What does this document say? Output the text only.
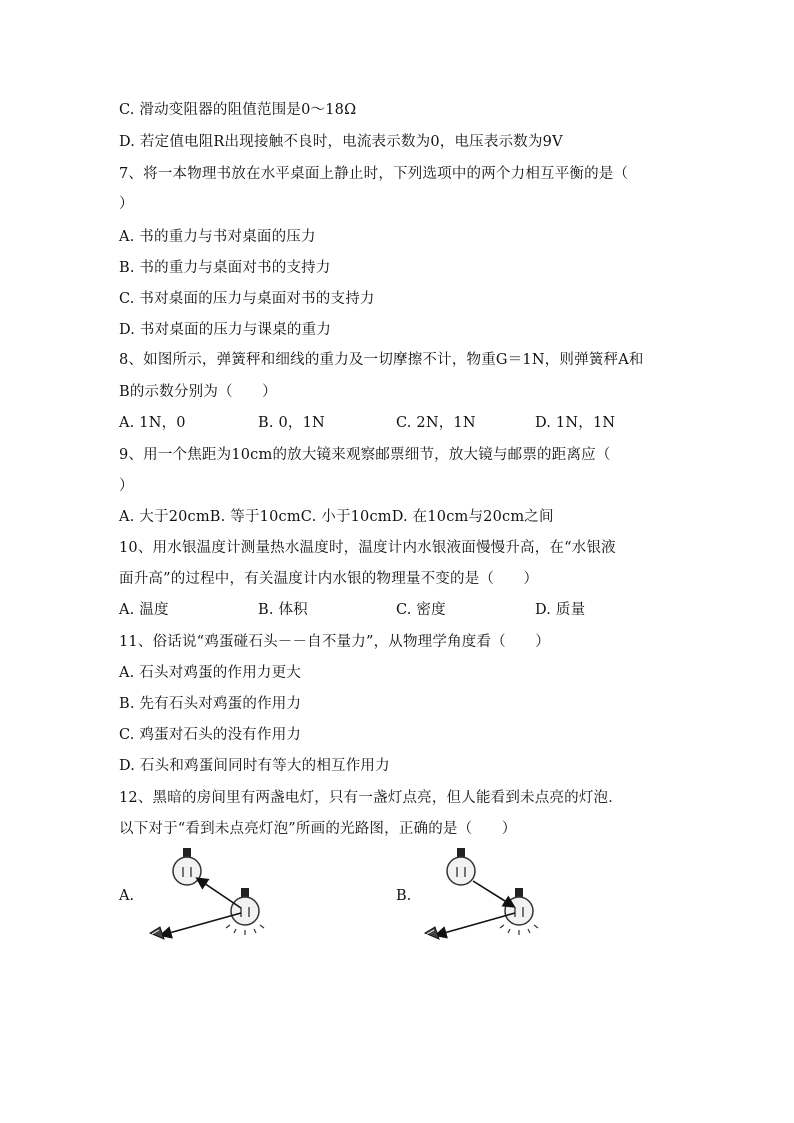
C. 滑动变阻器的阻值范围是0～18Ω
D. 若定值电阻R出现接触不良时，电流表示数为0，电压表示数为9V
7、将一本物理书放在水平桌面上静止时，下列选项中的两个力相互平衡的是（
）
A. 书的重力与书对桌面的压力
B. 书的重力与桌面对书的支持力
C. 书对桌面的压力与桌面对书的支持力
D. 书对桌面的压力与课桌的重力
8、如图所示，弹簧秤和细线的重力及一切摩擦不计，物重G＝1N，则弹簧秤A和
B的示数分别为（　　）
A. 1N，0	B. 0，1N	C. 2N，1N	D. 1N，1N
9、用一个焦距为10cm的放大镜来观察邮票细节，放大镜与邮票的距离应（
）
A. 大于20cmB. 等于10cmC. 小于10cmD. 在10cm与20cm之间
10、用水银温度计测量热水温度时，温度计内水银液面慢慢升高，在“水银液
面升高”的过程中，有关温度计内水银的物理量不变的是（　　）
A. 温度	B. 体积	C. 密度	D. 质量
11、俗话说“鸡蛋碰石头－－自不量力”，从物理学角度看（　　）
A. 石头对鸡蛋的作用力更大
B. 先有石头对鸡蛋的作用力
C. 鸡蛋对石头的没有作用力
D. 石头和鸡蛋间同时有等大的相互作用力
12、黑暗的房间里有两盏电灯，只有一盏灯点亮，但人能看到未点亮的灯泡．
以下对于“看到未点亮灯泡”所画的光路图，正确的是（　　）
A.	B.
